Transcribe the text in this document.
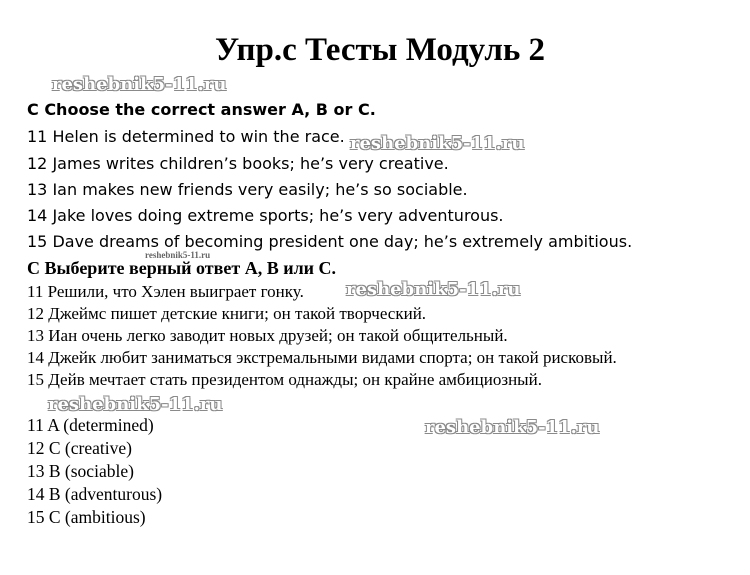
Упр.с Тесты Модуль 2
reshebnik5-11.ru
C Choose the correct answer A, B or C.
11 Helen is determined to win the race. reshebnik5-11.ru
12 James writes children’s books; he’s very creative.
13 Ian makes new friends very easily; he’s so sociable.
14 Jake loves doing extreme sports; he’s very adventurous.
15 Dave dreams of becoming president one day; he’s extremely ambitious.
reshebnik5-11.ru
С Выберите верный ответ А, В или С.
11 Решили, что Хэлен выиграет гонку. reshebnik5-11.ru
12 Джеймс пишет детские книги; он такой творческий.
13 Иан очень легко заводит новых друзей; он такой общительный.
14 Джейк любит заниматься экстремальными видами спорта; он такой рисковый.
15 Дейв мечтает стать президентом однажды; он крайне амбициозный.
reshebnik5-11.ru
11 A (determined)	reshebnik5-11.ru
12 C (creative)
13 B (sociable)
14 B (adventurous)
15 C (ambitious)
